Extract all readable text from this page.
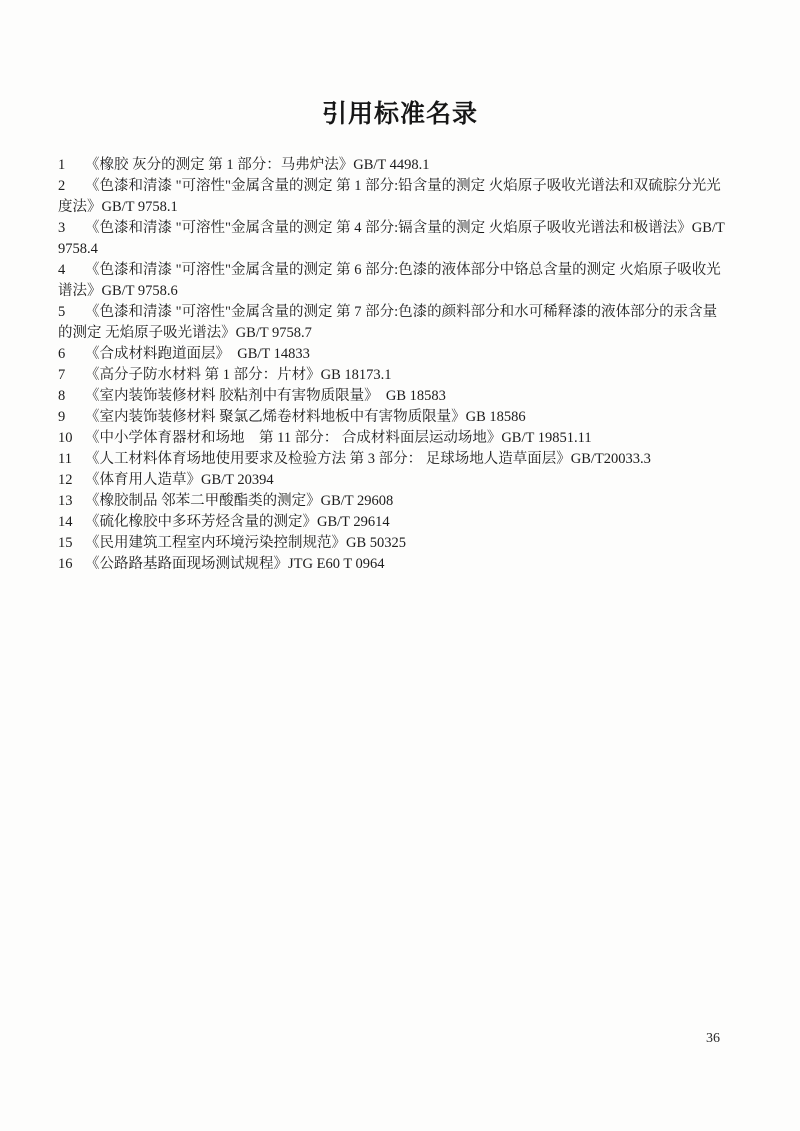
引用标准名录
1 《橡胶 灰分的测定 第 1 部分：马弗炉法》GB/T 4498.1
2 《色漆和清漆 "可溶性"金属含量的测定 第 1 部分:铅含量的测定 火焰原子吸收光谱法和双硫腙分光光度法》GB/T 9758.1
3 《色漆和清漆 "可溶性"金属含量的测定 第 4 部分:镉含量的测定 火焰原子吸收光谱法和极谱法》GB/T 9758.4
4 《色漆和清漆 "可溶性"金属含量的测定 第 6 部分:色漆的液体部分中铬总含量的测定 火焰原子吸收光谱法》GB/T 9758.6
5 《色漆和清漆 "可溶性"金属含量的测定 第 7 部分:色漆的颜料部分和水可稀释漆的液体部分的汞含量的测定 无焰原子吸光谱法》GB/T 9758.7
6 《合成材料跑道面层》　GB/T 14833
7 《高分子防水材料 第 1 部分：片材》GB 18173.1
8 《室内装饰装修材料 胶粘剂中有害物质限量》　GB 18583
9 《室内装饰装修材料 聚氯乙烯卷材料地板中有害物质限量》GB 18586
10 《中小学体育器材和场地　第 11 部分： 合成材料面层运动场地》GB/T 19851.11
11 《人工材料体育场地使用要求及检验方法 第 3 部分： 足球场地人造草面层》GB/T20033.3
12 《体育用人造草》GB/T 20394
13 《橡胶制品 邻苯二甲酸酯类的测定》GB/T 29608
14 《硫化橡胶中多环芳烃含量的测定》GB/T 29614
15 《民用建筑工程室内环境污染控制规范》GB 50325
16 《公路路基路面现场测试规程》JTG E60 T 0964
36
